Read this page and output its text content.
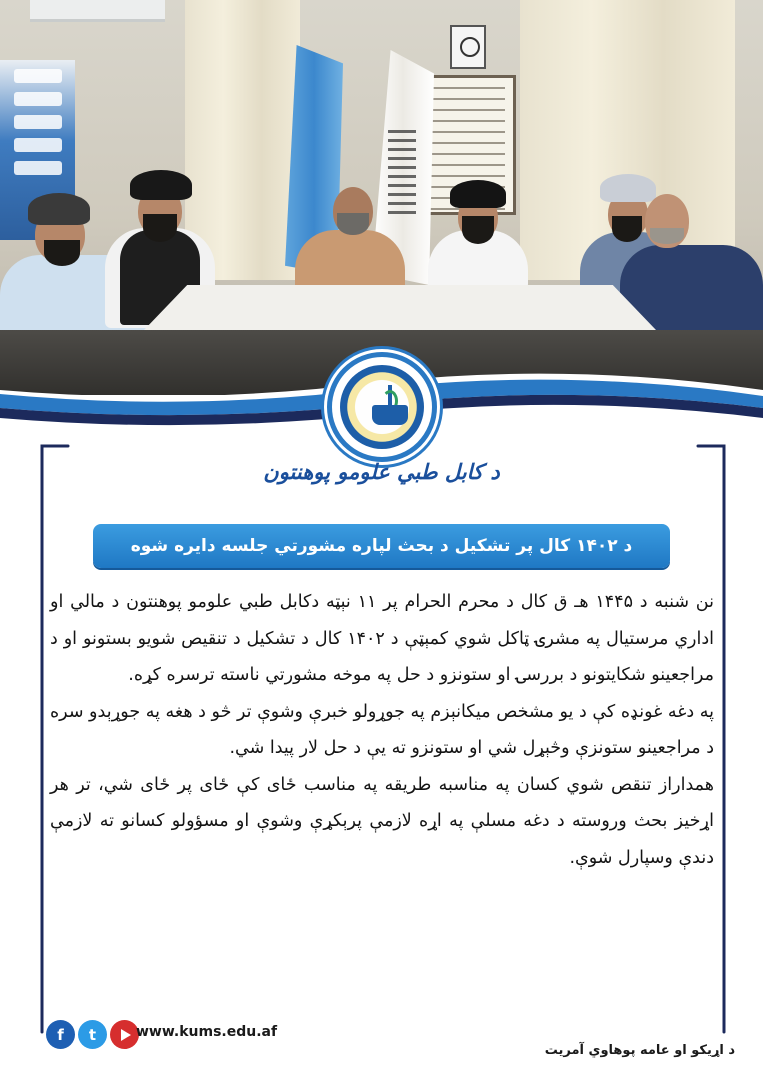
د کابل طبي علومو پوهنتون
د ۱۴۰۲ کال پر تشکیل د بحث لپاره مشورتي جلسه دایره شوه

نن شنبه د ۱۴۴۵ هـ ق کال د محرم الحرام پر ۱۱ نېټه دکابل طبي علومو پوهنتون د مالي او اداري مرستیال په مشرۍ ټاکل شوي کمېټې د ۱۴۰۲ کال د تشکیل د تنقیص شویو بستونو او د مراجعینو شکایتونو د بررسۍ او ستونزو د حل په موخه مشورتي ناسته ترسره کړه.

په دغه غونډه کې د يو مشخص ميکانېزم په جوړولو خبرې وشوې تر څو د هغه په جوړېدو سره د مراجعينو ستونزې وڅېړل شي او ستونزو ته يې د حل لار پيدا شي.

همداراز تنقص شوي کسان په مناسبه طريقه په مناسب ځای کې ځای پر ځای شي، تر هر اړخيز بحث وروسته د دغه مسلې په اړه لازمې پرېکړې وشوې او مسؤولو کسانو ته لازمې دندې وسپارل شوې.

f	t	www.kums.edu.af
د اړيکو او عامه پوهاوي آمريت
